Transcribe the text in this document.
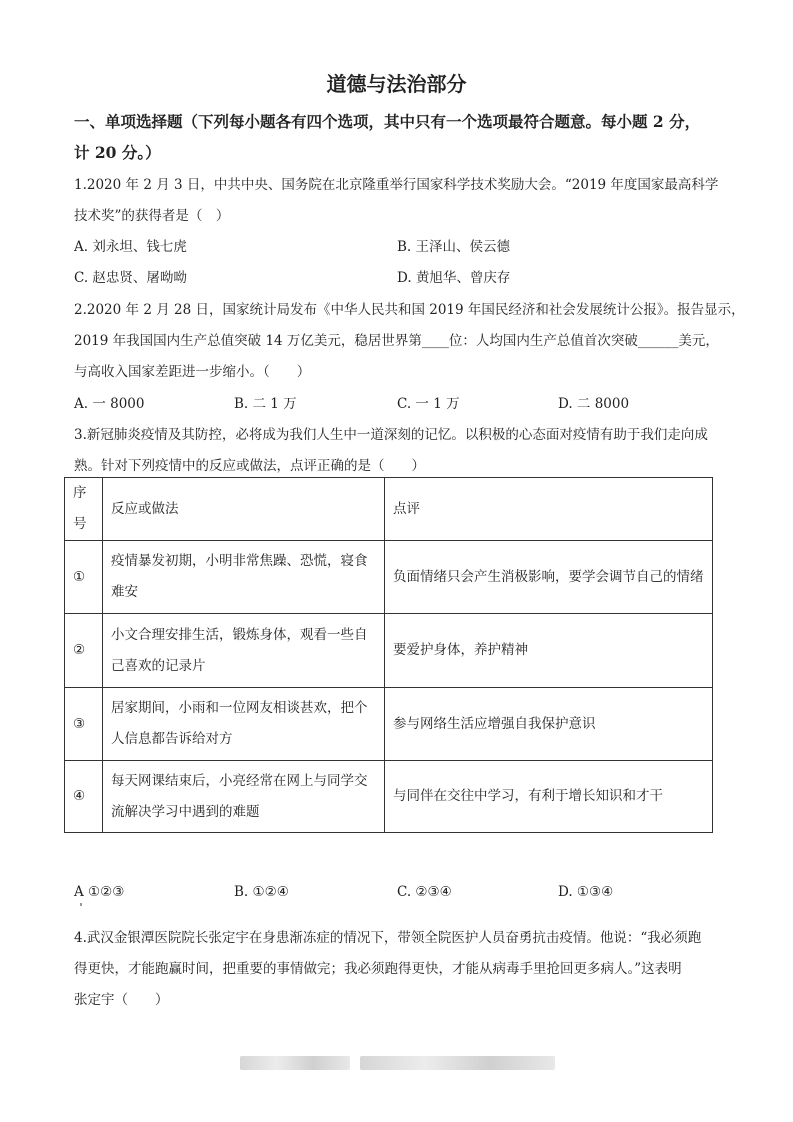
道德与法治部分
一、单项选择题（下列每小题各有四个选项，其中只有一个选项最符合题意。每小题 2 分，
计 20 分。）
1.2020 年 2 月 3 日，中共中央、国务院在北京隆重举行国家科学技术奖励大会。“2019 年度国家最高科学
技术奖”的获得者是（　）
A. 刘永坦、钱七虎	B. 王泽山、侯云德
C. 赵忠贤、屠呦呦	D. 黄旭华、曾庆存
2.2020 年 2 月 28 日，国家统计局发布《中华人民共和国 2019 年国民经济和社会发展统计公报》。报告显示，
2019 年我国国内生产总值突破 14 万亿美元，稳居世界第____位：人均国内生产总值首次突破______美元，
与高收入国家差距进一步缩小。（　　）
A. 一 8000	B. 二 1 万	C. 一 1 万	D. 二 8000
3.新冠肺炎疫情及其防控，必将成为我们人生中一道深刻的记忆。以积极的心态面对疫情有助于我们走向成
熟。针对下列疫情中的反应或做法，点评正确的是（　　）
序号	反应或做法	点评
①	疫情暴发初期，小明非常焦躁、恐慌，寝食难安	负面情绪只会产生消极影响，要学会调节自己的情绪
②	小文合理安排生活，锻炼身体，观看一些自己喜欢的记录片	要爱护身体，养护精神
③	居家期间，小雨和一位网友相谈甚欢，把个人信息都告诉给对方	参与网络生活应增强自我保护意识
④	每天网课结束后，小亮经常在网上与同学交流解决学习中遇到的难题	与同伴在交往中学习，有利于增长知识和才干
A ①②③	B. ①②④	C. ②③④	D. ①③④
4.武汉金银潭医院院长张定宇在身患渐冻症的情况下，带领全院医护人员奋勇抗击疫情。他说：“我必须跑
得更快，才能跑赢时间，把重要的事情做完；我必须跑得更快，才能从病毒手里抢回更多病人。”这表明
张定宇（　　）
